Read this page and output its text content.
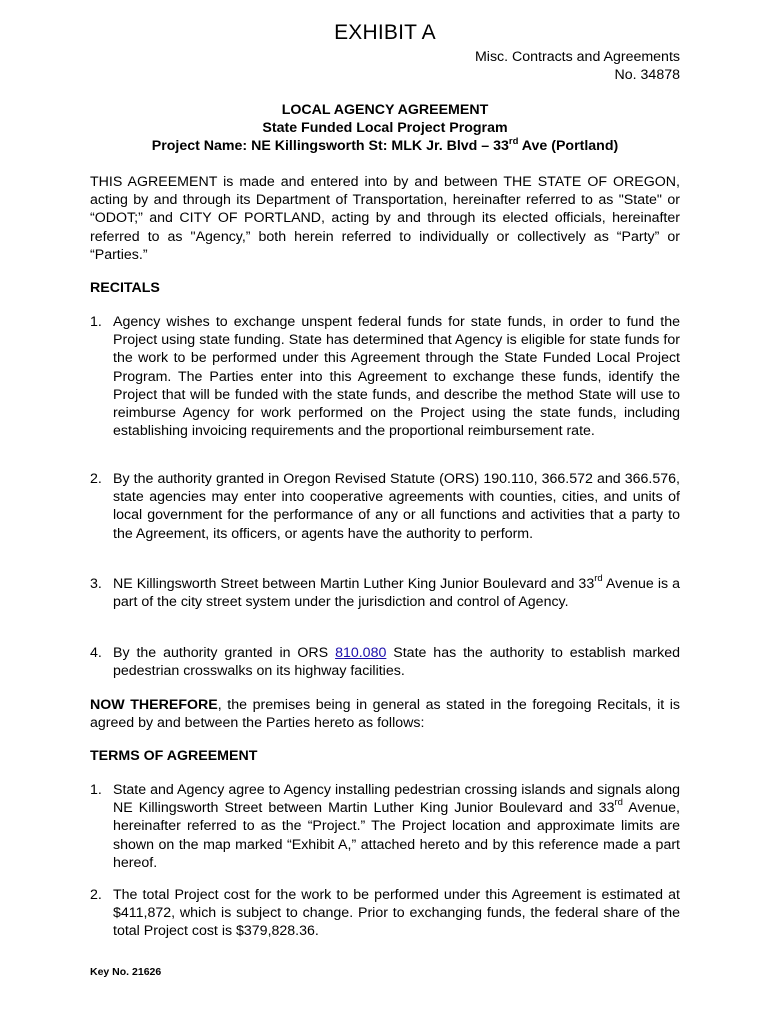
EXHIBIT A
Misc. Contracts and Agreements
No. 34878
LOCAL AGENCY AGREEMENT
State Funded Local Project Program
Project Name: NE Killingsworth St: MLK Jr. Blvd – 33rd Ave (Portland)
THIS AGREEMENT is made and entered into by and between THE STATE OF OREGON, acting by and through its Department of Transportation, hereinafter referred to as "State" or “ODOT;” and CITY OF PORTLAND, acting by and through its elected officials, hereinafter referred to as "Agency,” both herein referred to individually or collectively as “Party” or “Parties.”
RECITALS
1. Agency wishes to exchange unspent federal funds for state funds, in order to fund the Project using state funding. State has determined that Agency is eligible for state funds for the work to be performed under this Agreement through the State Funded Local Project Program. The Parties enter into this Agreement to exchange these funds, identify the Project that will be funded with the state funds, and describe the method State will use to reimburse Agency for work performed on the Project using the state funds, including establishing invoicing requirements and the proportional reimbursement rate.
2. By the authority granted in Oregon Revised Statute (ORS) 190.110, 366.572 and 366.576, state agencies may enter into cooperative agreements with counties, cities, and units of local government for the performance of any or all functions and activities that a party to the Agreement, its officers, or agents have the authority to perform.
3. NE Killingsworth Street between Martin Luther King Junior Boulevard and 33rd Avenue is a part of the city street system under the jurisdiction and control of Agency.
4. By the authority granted in ORS 810.080 State has the authority to establish marked pedestrian crosswalks on its highway facilities.
NOW THEREFORE, the premises being in general as stated in the foregoing Recitals, it is agreed by and between the Parties hereto as follows:
TERMS OF AGREEMENT
1. State and Agency agree to Agency installing pedestrian crossing islands and signals along NE Killingsworth Street between Martin Luther King Junior Boulevard and 33rd Avenue, hereinafter referred to as the “Project.” The Project location and approximate limits are shown on the map marked “Exhibit A,” attached hereto and by this reference made a part hereof.
2. The total Project cost for the work to be performed under this Agreement is estimated at $411,872, which is subject to change. Prior to exchanging funds, the federal share of the total Project cost is $379,828.36.
Key No. 21626
